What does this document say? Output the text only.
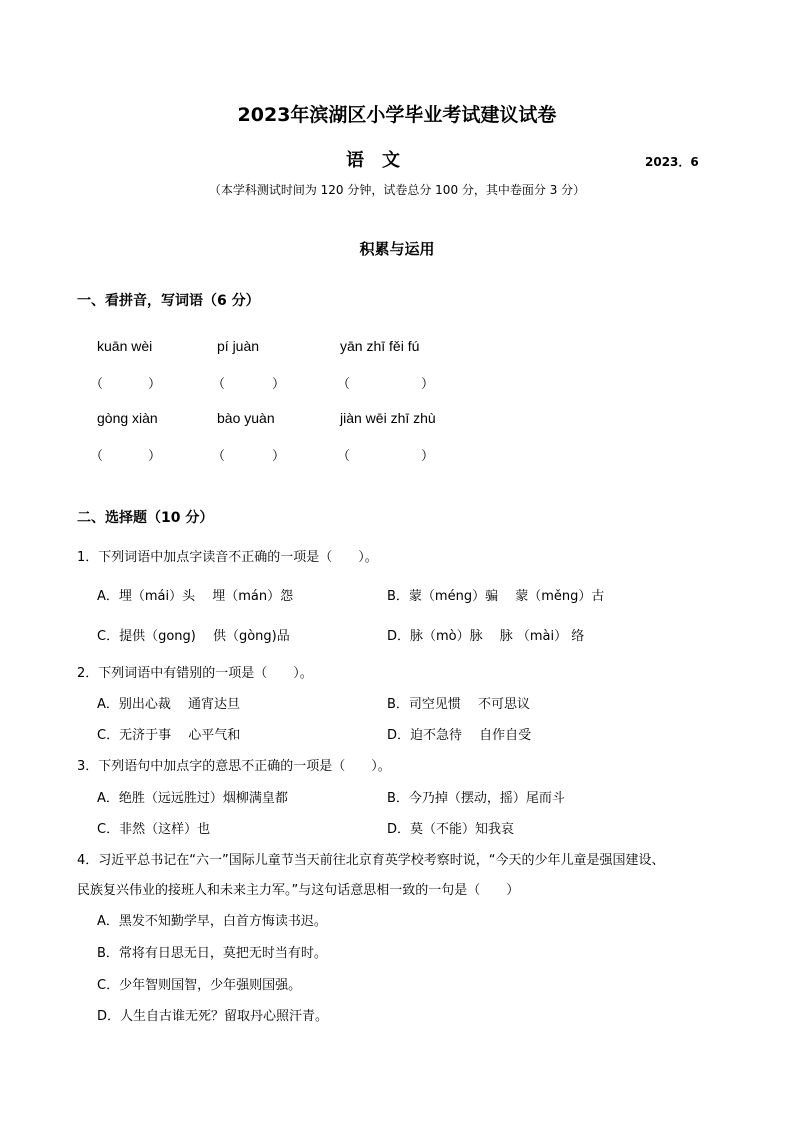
2023年滨湖区小学毕业考试建议试卷
语文	2023．6
（本学科测试时间为 120 分钟，试卷总分 100 分，其中卷面分 3 分）
积累与运用
一、看拼音，写词语（6 分）
kuān wèi	pí juàn	yān zhī fěi fú
（	）	（	）	（	）
gòng xiàn	bào yuàn	jiàn wēi zhī zhù
（	）	（	）	（	）
二、选择题（10 分）
1．下列词语中加点字读音不正确的一项是（　　）。
A．埋（mái）头　 埋（mán）怨	B．蒙（méng）骗　 蒙（měng）古
C．提供（gong)　 供（gòng)品	D．脉（mò）脉　 脉 （mài） 络
2．下列词语中有错别的一项是（　　）。
A．别出心裁　 通宵达旦	B．司空见惯　 不可思议
C．无济于事　 心平气和	D．迫不急待　 自作自受
3．下列语句中加点字的意思不正确的一项是（　　）。
A．绝胜（远远胜过）烟柳满皇都	B．今乃掉（摆动，摇）尾而斗
C．非然（这样）也	D．莫（不能）知我哀
4．习近平总书记在“六一”国际儿童节当天前往北京育英学校考察时说，“今天的少年儿童是强国建设、
民族复兴伟业的接班人和未来主力军。”与这句话意思相一致的一句是（　　）
A．黑发不知勤学早，白首方悔读书迟。
B．常将有日思无日，莫把无时当有时。
C．少年智则国智，少年强则国强。
D．人生自古谁无死？留取丹心照汗青。
